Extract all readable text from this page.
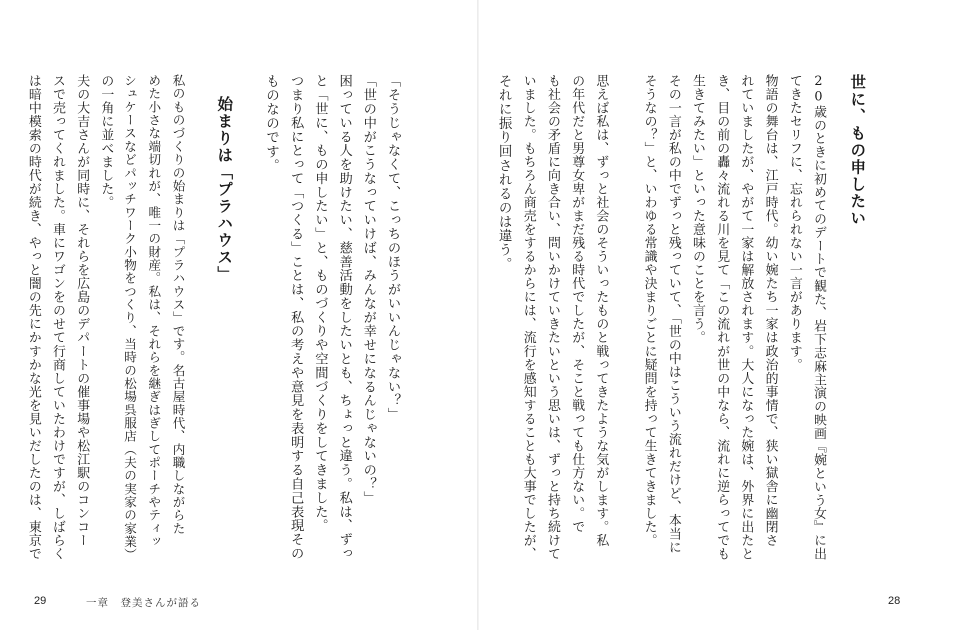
世に、もの申したい
20歳のときに初めてのデートで観た、岩下志麻主演の映画『婉という女』に出
てきたセリフに、忘れられない一言があります。
物語の舞台は、江戸時代。幼い婉たち一家は政治的事情で、狭い獄舎に幽閉さ
れていましたが、やがて一家は解放されます。大人になった婉は、外界に出たと
き、目の前の轟々流れる川を見て「この流れが世の中なら、流れに逆らってでも
生きてみたい」といった意味のことを言う。
その一言が私の中でずっと残っていて、「世の中はこういう流れだけど、本当に
そうなの？」と、いわゆる常識や決まりごとに疑問を持って生きてきました。
思えば私は、ずっと社会のそういったものと戦ってきたような気がします。私
の年代だと男尊女卑がまだ残る時代でしたが、そこと戦っても仕方ない。で
も社会の矛盾に向き合い、問いかけていきたいという思いは、ずっと持ち続けて
いました。もちろん商売をするからには、流行を感知することも大事でしたが、
それに振り回されるのは違う。
28
「そうじゃなくて、こっちのほうがいいんじゃない？」
「世の中がこうなっていけば、みんなが幸せになるんじゃないの？」
困っている人を助けたい、慈善活動をしたいとも、ちょっと違う。私は、ずっ
と「世に、もの申したい」と、ものづくりや空間づくりをしてきました。
つまり私にとって「つくる」ことは、私の考えや意見を表明する自己表現その
ものなのです。
始まりは「プラハウス」
私のものづくりの始まりは「プラハウス」です。名古屋時代、内職しながらた
めた小さな端切れが、唯一の財産。私は、それらを継ぎはぎしてポーチやティッ
シュケースなどパッチワーク小物をつくり、当時の松場呉服店（夫の実家の家業）
の一角に並べました。
夫の大吉さんが同時に、それらを広島のデパートの催事場や松江駅のコンコー
スで売ってくれました。車にワゴンをのせて行商していたわけですが、しばらく
は暗中模索の時代が続き、やっと闇の先にかすかな光を見いだしたのは、東京で
29	一章　登美さんが語る
